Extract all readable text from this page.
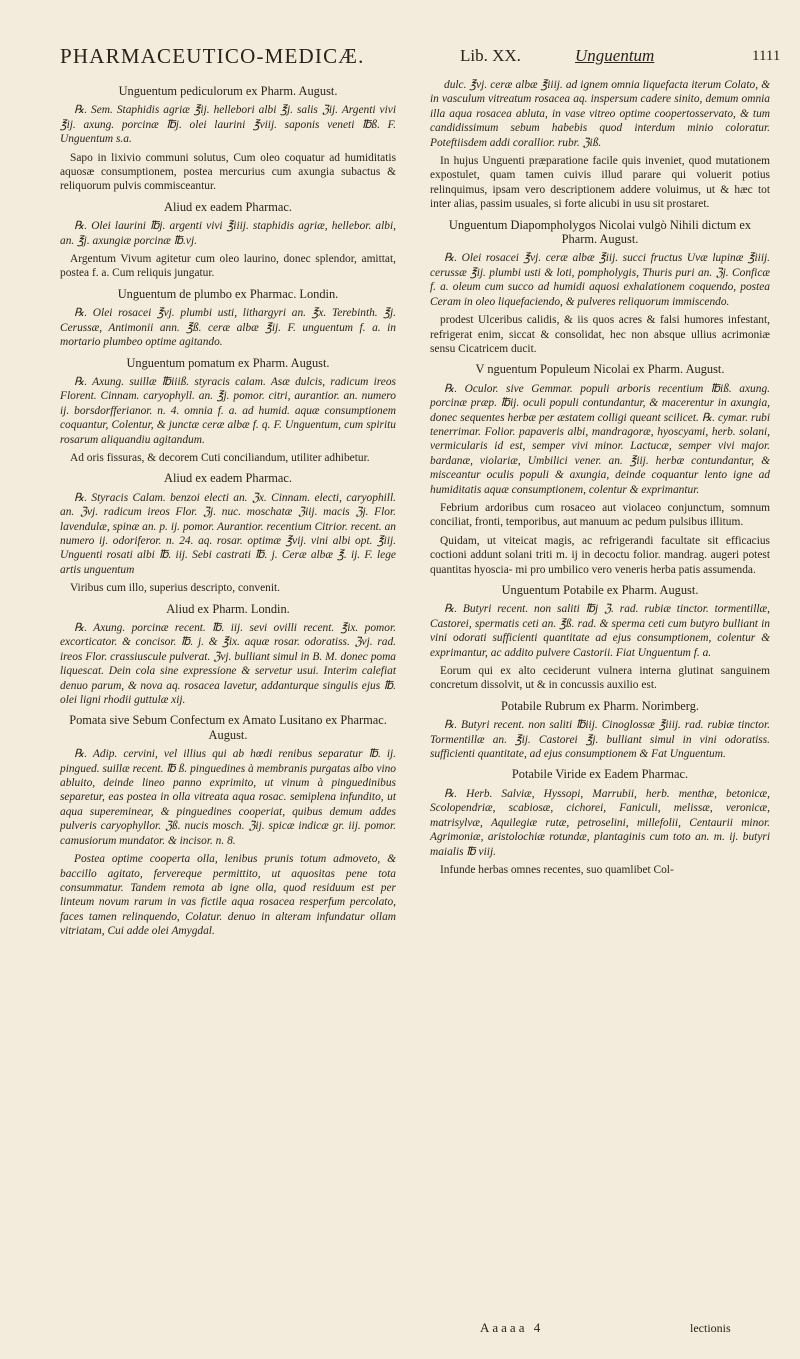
PHARMACEUTICO-MEDICÆ.	Lib. XX.	Unguentum	1111

Unguentum pediculorum ex Pharm. August.

℞. Sem. Staphidis agriæ ℥ij. hellebori albi ℥j. salis ℨij. Argenti vivi ℥ij. axung. porcinæ ℔j. olei laurini ℥viij. saponis veneti ℔ß. F. Unguentum s.a.

Sapo in lixivio communi solutus, Cum oleo coquatur ad humiditatis aquosæ consumptionem, postea mercurius cum axungia subactus & reliquorum pulvis commisceantur.

Aliud ex eadem Pharmac.

℞. Olei laurini ℔j. argenti vivi ℥iiij. staphidis agriæ, hellebor. albi, an. ℥j. axungiæ porcinæ ℔.vj.

Argentum Vivum agitetur cum oleo laurino, donec splendor, amittat, postea f. a. Cum reliquis jungatur.

Unguentum de plumbo ex Pharmac. Londin.

℞. Olei rosacei ℥vj. plumbi usti, lithargyri an. ℥x. Terebinth. ℥j. Cerussæ, Antimonii ann. ℥ß. ceræ albæ ℥ij. F. unguentum f. a. in mortario plumbeo optime agitando.

Unguentum pomatum ex Pharm. August.

℞. Axung. suillæ ℔iiiß. styracis calam. Asæ dulcis, radicum ireos Florent. Cinnam. caryophyll. an. ℥j. pomor. citri, aurantior. an. numero ij. borsdorfferianor. n. 4. omnia f. a. ad humid. aquæ consumptionem coquantur, Colentur, & junctæ ceræ albæ f. q. F. Unguentum, cum spiritu rosarum aliquandiu agitandum.

Ad oris fissuras, & decorem Cuti conciliandum, utiliter adhibetur.

Aliud ex eadem Pharmac.

℞. Styracis Calam. benzoi electi an. ℨx. Cinnam. electi, caryophill. an. ℨvj. radicum ireos Flor. ℨj. nuc. moschatæ ℨiij. macis ℨj. Flor. lavendulæ, spinæ an. p. ij. pomor. Aurantior. recentium Citrior. recent. an numero ij. odoriferor. n. 24. aq. rosar. optimæ ℥vij. vini albi opt. ℥iij. Unguenti rosati albi ℔. iij. Sebi castrati ℔. j. Ceræ albæ ℥. ij. F. lege artis unguentum

Viribus cum illo, superius descripto, convenit.

Aliud ex Pharm. Londin.

℞. Axung. porcinæ recent. ℔. iij. sevi ovilli recent. ℥ix. pomor. excorticator. & concisor. ℔. j. & ℥ix. aquæ rosar. odoratiss. ℨvj. rad. ireos Flor. crassiuscule pulverat. ℨvj. bulliant simul in B. M. donec poma liquescat. Dein cola sine expressione & servetur usui. Interim calefiat denuo parum, & nova aq. rosacea lavetur, addanturque singulis ejus ℔. olei ligni rhodii guttulæ xij.

Pomata sive Sebum Confectum ex Amato Lusitano ex Pharmac. August.

℞. Adip. cervini, vel illius qui ab hœdi renibus separatur ℔. ij. pingued. suillæ recent. ℔ ß. pinguedines à membranis purgatas albo vino abluito, deinde lineo panno exprimito, ut vinum à pinguedinibus separetur, eas postea in olla vitreata aqua rosac. semiplena infundito, ut aqua supereminear, & pinguedines cooperiat, quibus demum addes pulveris caryophyllor. ℨß. nucis mosch. ℨij. spicæ indicæ gr. iij. pomor. camusiorum mundator. & incisor. n. 8.

Postea optime cooperta olla, lenibus prunis totum admoveto, & baccillo agitato, fervereque permittito, ut aquositas pene tota consummatur. Tandem remota ab igne olla, quod residuum est per linteum novum rarum in vas fictile aqua rosacea resperfum percolato, faces tamen relinquendo, Colatur. denuo in alteram infundatur ollam vitriatam, Cui adde olei Amygdal.

dulc. ℥vj. ceræ albæ ℥iiij. ad ignem omnia liquefacta iterum Colato, & in vasculum vitreatum rosacea aq. inspersum cadere sinito, demum omnia illa aqua rosacea abluta, in vase vitreo optime coopertosservato, & tum candidissimum sebum habebis quod interdum minio coloratur. Poteftiisdem addi corallior. rubr. ℨiß.

In hujus Unguenti præparatione facile quis inveniet, quod mutationem expostulet, quam tamen cuivis illud parare qui voluerit potius relinquimus, ipsam vero descriptionem addere voluimus, ut & hæc tot inter alias, passim usuales, si forte alicubi in usu sit prostaret.

Unguentum Diapompholygos Nicolai vulgò Nihili dictum ex Pharm. August.

℞. Olei rosacei ℥vj. ceræ albæ ℥iij. succi fructus Uvæ lupinæ ℥iiij. cerussæ ℥ij. plumbi usti & loti, pompholygis, Thuris puri an. ℨj. Conficæ f. a. oleum cum succo ad humidi aquosi exhalationem coquendo, postea Ceram in oleo liquefaciendo, & pulveres reliquorum immiscendo.

prodest Ulceribus calidis, & iis quos acres & falsi humores infestant, refrigerat enim, siccat & consolidat, hec non absque ullius acrimoniæ sensu Cicatricem ducit.

V nguentum Populeum Nicolai ex Pharm. August.

℞. Oculor. sive Gemmar. populi arboris recentium ℔iß. axung. porcinæ præp. ℔ij. oculi populi contundantur, & macerentur in axungia, donec sequentes herbæ per æstatem colligi queant scilicet. ℞. cymar. rubi tenerrimar. Folior. papaveris albi, mandragoræ, hyoscyami, herb. solani, vermicularis id est, semper vivi minor. Lactucæ, semper vivi major. bardanæ, violariæ, Umbilici vener. an. ℥iij. herbæ contundantur, & misceantur oculis populi & axungia, deinde coquantur lento igne ad humiditatis aquæ consumptionem, colentur & exprimantur.

Febrium ardoribus cum rosaceo aut violaceo conjunctum, somnum conciliat, fronti, temporibus, aut manuum ac pedum pulsibus illitum.

Quidam, ut viteicat magis, ac refrigerandi facultate sit efficacius coctioni addunt solani triti m. ij in decoctu folior. mandrag. augeri potest quantitas hyoscia- mi pro umbilico vero veneris herba patis assumenda.

Unguentum Potabile ex Pharm. August.

℞. Butyri recent. non saliti ℔j ℨ. rad. rubiæ tinctor. tormentillæ, Castorei, spermatis ceti an. ℥ß. rad. & sperma ceti cum butyro bulliant in vini odorati sufficienti quantitate ad ejus consumptionem, colentur & exprimantur, ac addito pulvere Castorii. Fiat Unguentum f. a.

Eorum qui ex alto ceciderunt vulnera interna glutinat sanguinem concretum dissolvit, ut & in concussis auxilio est.

Potabile Rubrum ex Pharm. Norimberg.

℞. Butyri recent. non saliti ℔iij. Cinoglossæ ℥iiij. rad. rubiæ tinctor. Tormentillæ an. ℥ij. Castorei ℥j. bulliant simul in vini odoratiss. sufficienti quantitate, ad ejus consumptionem & Fat Unguentum.

Potabile Viride ex Eadem Pharmac.

℞. Herb. Salviæ, Hyssopi, Marrubii, herb. menthæ, betonicæ, Scolopendriæ, scabiosæ, cichorei, Faniculi, melissæ, veronicæ, matrisylvæ, Aquilegiæ rutæ, petroselini, millefolii, Centaurii minor. Agrimoniæ, aristolochiæ rotundæ, plantaginis cum toto an. m. ij. butyri maialis ℔ viij.

Infunde herbas omnes recentes, suo quamlibet Col-

Aaaaa 4	lectionis
